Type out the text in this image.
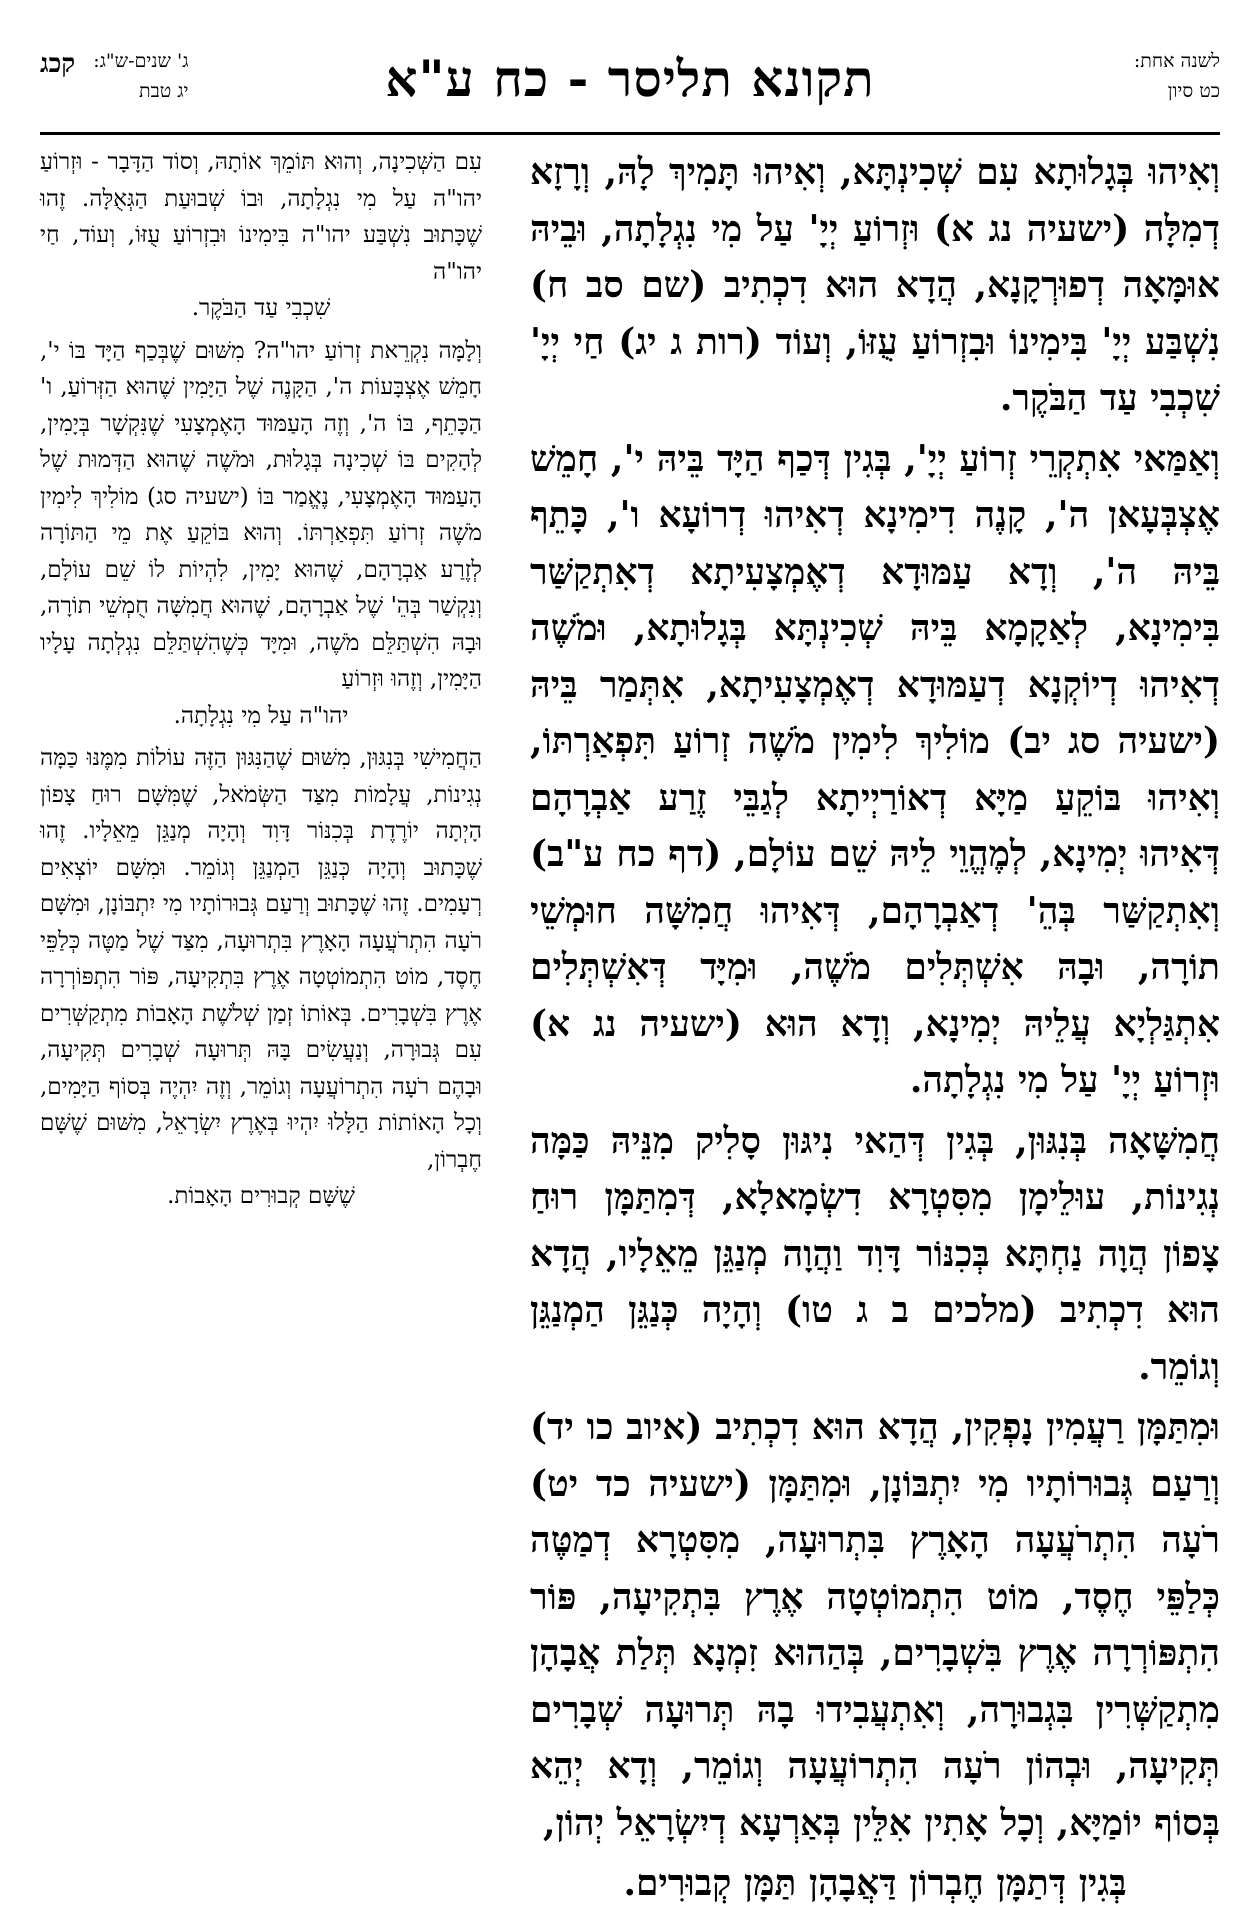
לשנה אחת:
כט סיון
תקונא תליסר - כח ע"א
ג' שנים-ש"ג:
יג טבת
קכג

וְאִיהוּ בְּגָלוּתָא עִם שְׁכִינְתָּא, וְאִיהוּ תָּמִיךְ לָהּ, וְרָזָא דְמִלָּה (ישעיה נג א) וּזְרוֹעַ יְיָ' עַל מִי נִגְלָתָה, וּבֵיהּ אוּמָּאָה דְפוּרְקָנָא, הֲדָא הוּא דִכְתִיב (שם סב ח) נִשְׁבַּע יְיָ' בִּימִינוֹ וּבִזְרוֹעַ עֻזּוֹ, וְעוֹד (רות ג יג) חַי יְיָ' שִׁכְבִי עַד הַבֹּקֶר.

וְאַמַּאי אִתְקְרֵי זְרוֹעַ יְיָ', בְּגִין דְּכַף הַיָּד בֵּיהּ י', חָמֵשׁ אֶצְבְּעָאן ה', קָנֶה דִימִינָא דְאִיהוּ דְרוֹעָא ו', כָּתֵף בֵּיהּ ה', וְדָא עַמּוּדָא דְאֶמְצָעִיתָא דְאִתְקַשַּׁר בִּימִינָא, לְאַקָמָא בֵּיהּ שְׁכִינְתָּא בְּגָלוּתָא, וּמֹשֶׁה דְאִיהוּ דְיוֹקְנָא דְעַמּוּדָא דְאֶמְצָעִיתָא, אִתְּמַר בֵּיהּ (ישעיה סג יב) מוֹלִיךְ לִימִין מֹשֶׁה זְרוֹעַ תִּפְאַרְתּוֹ, וְאִיהוּ בּוֹקֵעַ מַיָּא דְאוֹרַיְיתָא לְגַבֵּי זֶרַע אַבְרָהָם דְּאִיהוּ יְמִינָא, לְמֶהֱוֵי לֵיהּ שֵׁם עוֹלָם, (דף כח ע"ב) וְאִתְקַשַּׁר בְּהֵ' דְאַבְרָהָם, דְּאִיהוּ חֲמִשָּׁה חוּמְשֵׁי תוֹרָה, וּבָהּ אִשְׁתְּלִים מֹשֶׁה, וּמִיָּד דְּאִשְׁתְּלִים אִתְגַּלְיָא עֲלֵיהּ יְמִינָא, וְדָא הוּא (ישעיה נג א) וּזְרוֹעַ יְיָ' עַל מִי נִגְלָתָה.

חֲמִשָּׁאָה בְּנִגּוּן, בְּגִין דְּהַאי נִיגּוּן סָלִיק מִנֵּיהּ כַּמָּה נְגִינוֹת, עוּלֵימָן מִסִּטְרָא דִשְׂמָאלָא, דְּמִתַּמָּן רוּחַ צָפוֹן הֲוָה נַחְתָּא בְּכִנּוֹר דָּוִד וַהֲוָה מְנַגֵּן מֵאֵלָיו, הֲדָא הוּא דִכְתִיב (מלכים ב ג טו) וְהָיָה כְּנַגֵּן הַמְנַגֵּן וְגוֹמֵר.

וּמִתַּמָּן רַעֲמִין נָפְקִין, הֲדָא הוּא דִכְתִיב (איוב כו יד) וְרַעַם גְּבוּרוֹתָיו מִי יִתְבּוֹנָן, וּמִתַּמָּן (ישעיה כד יט) רֹעָה הִתְרֹעֲעָה הָאָרֶץ בִּתְרוּעָה, מִסִּטְרָא דְמַטֶּה כְּלַפֵּי חֶסֶד, מוֹט הִתְמוֹטְטָה אֶרֶץ בִּתְקִיעָה, פּוֹר הִתְפּוֹרְרָה אֶרֶץ בִּשְׁבָרִים, בְּהַהוּא זִמְנָא תְּלַת אֲבָהָן מִתְקַשְּׁרִין בִּגְבוּרָה, וְאִתְעֲבִידוּ בָהּ תְּרוּעָה שְׁבָרִים תְּקִיעָה, וּבְהוֹן רֹעָה הִתְרוֹעֲעָה וְגוֹמֵר, וְדָא יְהֵא בְּסוֹף יוֹמַיָּא, וְכָל אָתִין אִלֵּין בְּאַרְעָא דְיִשְׂרָאֵל יְהוֹן,

בְּגִין דְּתַמָּן חֶבְרוֹן דַּאֲבָהָן תַּמָּן קְבוּרִים.

עִם הַשְּׁכִינָה, וְהוּא תּוֹמֵךְ אוֹתָהּ, וְסוֹד הַדָּבָר - וּזְרוֹעַ יהו"ה עַל מִי נִגְלָתָה, וּבוֹ שְׁבוּעַת הַגְּאֻלָּה. זֶהוּ שֶׁכָּתוּב נִשְׁבַּע יהו"ה בִּימִינוֹ וּבִזְרוֹעַ עֻזּוֹ, וְעוֹד, חַי יהו"ה

שִׁכְבִי עַד הַבֹּקֶר.

וְלָמָּה נִקְרֵאת זְרוֹעַ יהו"ה? מִשּׁוּם שֶׁבְּכַף הַיָּד בּוֹ י', חָמֵשׁ אֶצְבָּעוֹת ה', הַקָּנֶה שֶׁל הַיָּמִין שֶׁהוּא הַזְּרוֹעַ, ו' הַכָּתֵף, בּוֹ ה', וְזֶה הָעַמּוּד הָאֶמְצָעִי שֶׁנִּקְשָׁר בְּיָמִין, לְהָקִים בּוֹ שְׁכִינָה בְּגָלוּת, וּמֹשֶׁה שֶׁהוּא הַדְּמוּת שֶׁל הָעַמּוּד הָאֶמְצָעִי, נֶאֱמַר בּוֹ (ישעיה סג) מוֹלִיךְ לִימִין מֹשֶׁה זְרוֹעַ תִּפְאַרְתּוֹ. וְהוּא בּוֹקֵעַ אֶת מֵי הַתּוֹרָה לְזֶרַע אַבְרָהָם, שֶׁהוּא יָמִין, לִהְיוֹת לוֹ שֵׁם עוֹלָם, וְנִקְשַׁר בְּהֵ' שֶׁל אַבְרָהָם, שֶׁהוּא חֲמִשָּׁה חֻמְשֵׁי תוֹרָה, וּבָהּ הִשְׁתַּלֵּם מֹשֶׁה, וּמִיָּד כְּשֶׁהִשְׁתַּלֵּם נִגְלְתָה עָלָיו הַיָּמִין, וְזֶהוּ וּזְרוֹעַ

יהו"ה עַל מִי נִגְלָתָה.

הַחֲמִישִׁי בְּנִגּוּן, מִשּׁוּם שֶׁהַנִּגּוּן הַזֶּה עוֹלוֹת מִמֶּנּוּ כַּמָּה נְגִינוֹת, עֲלָמוֹת מִצַּד הַשְּׂמֹאל, שֶׁמִּשָּׁם רוּחַ צָפוֹן הָיְתָה יוֹרֶדֶת בְּכִנּוֹר דָּוִד וְהָיָה מְנַגֵּן מֵאֵלָיו. זֶהוּ שֶׁכָּתוּב וְהָיָה כְּנַגֵּן הַמְנַגֵּן וְגוֹמֵר. וּמִשָּׁם יוֹצְאִים רְעָמִים. זֶהוּ שֶׁכָּתוּב וְרַעַם גְּבוּרוֹתָיו מִי יִתְבּוֹנָן, וּמִשָּׁם רֹעָה הִתְרֹעֲעָה הָאָרֶץ בִּתְרוּעָה, מִצַּד שֶׁל מַטֶּה כְּלַפֵּי חֶסֶד, מוֹט הִתְמוֹטְטָה אֶרֶץ בִּתְקִיעָה, פּוֹר הִתְפּוֹרְרָה אֶרֶץ בִּשְׁבָרִים. בְּאוֹתוֹ זְמַן שְׁלֹשֶׁת הָאָבוֹת מִתְקַשְּׁרִים עִם גְּבוּרָה, וְנַעֲשִׂים בָּהּ תְּרוּעָה שְׁבָרִים תְּקִיעָה, וּבָהֶם רֹעָה הִתְרוֹעֲעָה וְגוֹמֵר, וְזֶה יִהְיֶה בְּסוֹף הַיָּמִים, וְכָל הָאוֹתוֹת הַלָּלוּ יִהְיוּ בְּאֶרֶץ יִשְׂרָאֵל, מִשּׁוּם שֶׁשָּׁם חֶבְרוֹן,

שֶׁשָּׁם קְבוּרִים הָאָבוֹת.
